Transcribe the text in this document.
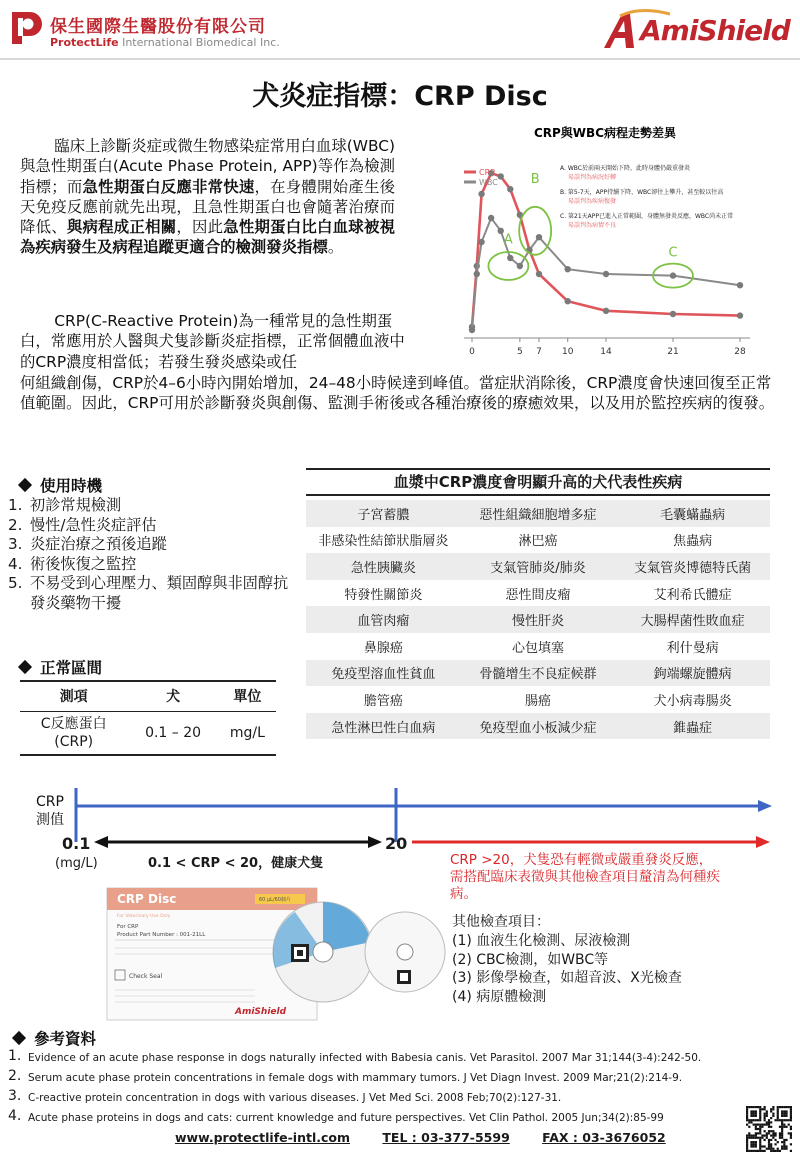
保生國際生醫股份有限公司
ProtectLife International Biomedical Inc.	AmiShield
犬炎症指標：CRP Disc
臨床上診斷炎症或微生物感染症常用白血球(WBC)與急性期蛋白(Acute Phase Protein, APP)等作為檢測指標；而急性期蛋白反應非常快速，在身體開始產生後天免疫反應前就先出現，且急性期蛋白也會隨著治療而降低、與病程成正相關，因此急性期蛋白比白血球被視為疾病發生及病程追蹤更適合的檢測發炎指標。
CRP(C-Reactive Protein)為一種常見的急性期蛋白，常應用於人醫與犬隻診斷炎症指標，正常個體血液中的CRP濃度相當低；若發生發炎感染或任
何組織創傷，CRP於4–6小時內開始增加，24–48小時候達到峰值。當症狀消除後，CRP濃度會快速回復至正常值範圍。因此，CRP可用於診斷發炎與創傷、監測手術後或各種治療後的療癒效果，以及用於監控疾病的復發。
CRP與WBC病程走勢差異
0	5 7 10	14	21	28
CRP
WBC
A
B
C
A. WBC於前兩天開始下降，此時身體仍嚴重發炎
易誤判為病況好轉
B. 第5-7天，APP持續下降，WBC卻往上攀升，甚至較以往高
易誤判為疾病復發
C. 第21天APP已進入正常範圍，身體無發炎反應，WBC尚未正常
易誤判為病情不良
使用時機
1. 初診常規檢測
2. 慢性/急性炎症評估
3. 炎症治療之預後追蹤
4. 術後恢復之監控
5. 不易受到心理壓力、類固醇與非固醇抗發炎藥物干擾
正常區間
測項	犬	單位
C反應蛋白
(CRP)	0.1 – 20	mg/L
血漿中CRP濃度會明顯升高的犬代表性疾病
子宮蓄膿	惡性組織細胞增多症	毛囊蟎蟲病
非感染性結節狀脂層炎	淋巴癌	焦蟲病
急性胰臟炎	支氣管肺炎/肺炎	支氣管炎博德特氏菌
特發性關節炎	惡性間皮瘤	艾利希氏體症
血管肉瘤	慢性肝炎	大腸桿菌性敗血症
鼻腺癌	心包填塞	利什曼病
免疫型溶血性貧血	骨髓增生不良症候群	鉤端螺旋體病
膽管癌	腸癌	犬小病毒腸炎
急性淋巴性白血病	免疫型血小板減少症	錐蟲症
CRP
測值
0.1
(mg/L)
20
0.1 < CRP < 20，健康犬隻	CRP >20，犬隻恐有輕微或嚴重發炎反應，需搭配臨床表徵與其他檢查項目釐清為何種疾病。
CRP Disc
For Veterinary Use Only
60 μL/60個片
For CRP
Product Part Number : 001-21LL
Check Seal
AmiShield
其他檢查項目：
(1) 血液生化檢測、尿液檢測
(2) CBC檢測，如WBC等
(3) 影像學檢查，如超音波、X光檢查
(4) 病原體檢測
參考資料
1. Evidence of an acute phase response in dogs naturally infected with Babesia canis. Vet Parasitol. 2007 Mar 31;144(3-4):242-50.
2. Serum acute phase protein concentrations in female dogs with mammary tumors. J Vet Diagn Invest. 2009 Mar;21(2):214-9.
3. C-reactive protein concentration in dogs with various diseases. J Vet Med Sci. 2008 Feb;70(2):127-31.
4. Acute phase proteins in dogs and cats: current knowledge and future perspectives. Vet Clin Pathol. 2005 Jun;34(2):85-99
www.protectlife-intl.com	TEL : 03-377-5599	FAX : 03-3676052
